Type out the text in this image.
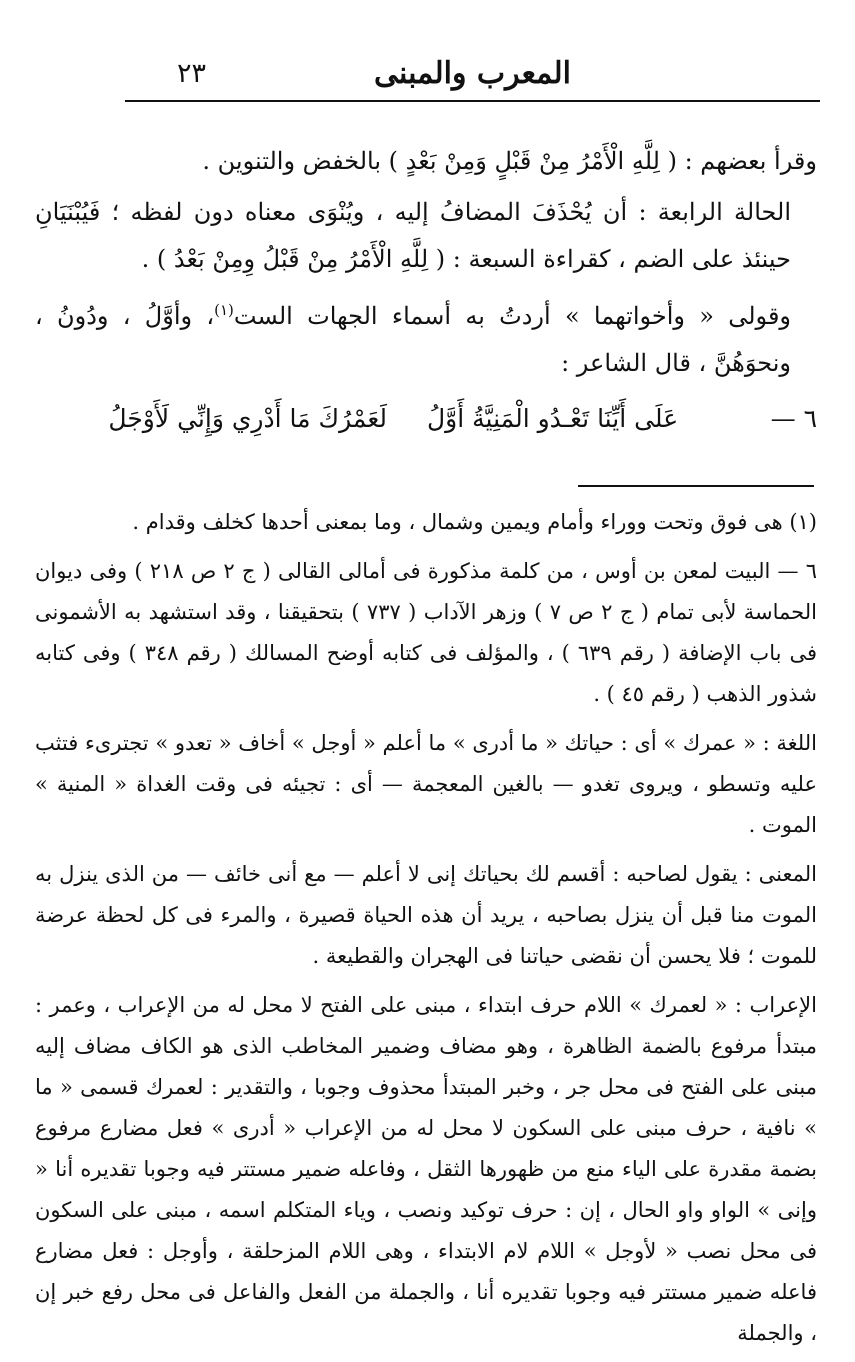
٢٣	المعرب والمبنى

وقرأ بعضهم : ( لِلَّهِ الْأَمْرُ مِنْ قَبْلٍ وَمِنْ بَعْدٍ ) بالخفض والتنوين .

الحالة الرابعة : أن يُحْذَفَ المضافُ إليه ، ويُنْوَى معناه دون لفظه ؛ فَيُبْنَيَانِ حينئذ على الضم ، كقراءة السبعة : ( لِلَّهِ الْأَمْرُ مِنْ قَبْلُ وِمِنْ بَعْدُ ) .

وقولى « وأخواتهما » أردتُ به أسماء الجهات الست$^{(١)}$، وأوَّلُ ، ودُونُ ، ونحوَهُنَّ ، قال الشاعر :

٦ —
لَعَمْرُكَ مَا أَدْرِي وَإِنِّي لَأَوْجَلُ عَلَى أَيِّنَا تَعْـدُو الْمَنِيَّةُ أَوَّلُ

(١) هى فوق وتحت ووراء وأمام ويمين وشمال ، وما بمعنى أحدها كخلف وقدام .

٦ — البيت لمعن بن أوس ، من كلمة مذكورة فى أمالى القالى ( ج ٢ ص ٢١٨ ) وفى ديوان الحماسة لأبى تمام ( ج ٢ ص ٧ ) وزهر الآداب ( ٧٣٧ ) بتحقيقنا ، وقد استشهد به الأشمونى فى باب الإضافة ( رقم ٦٣٩ ) ، والمؤلف فى كتابه أوضح المسالك ( رقم ٣٤٨ ) وفى كتابه شذور الذهب ( رقم ٤٥ ) .

اللغة : « عمرك » أى : حياتك « ما أدرى » ما أعلم « أوجل » أخاف « تعدو » تجترىء فتثب عليه وتسطو ، ويروى تغدو — بالغين المعجمة — أى : تجيئه فى وقت الغداة « المنية » الموت .

المعنى : يقول لصاحبه : أقسم لك بحياتك إنى لا أعلم — مع أنى خائف — من الذى ينزل به الموت منا قبل أن ينزل بصاحبه ، يريد أن هذه الحياة قصيرة ، والمرء فى كل لحظة عرضة للموت ؛ فلا يحسن أن نقضى حياتنا فى الهجران والقطيعة .

الإعراب : « لعمرك » اللام حرف ابتداء ، مبنى على الفتح لا محل له من الإعراب ، وعمر : مبتدأ مرفوع بالضمة الظاهرة ، وهو مضاف وضمير المخاطب الذى هو الكاف مضاف إليه مبنى على الفتح فى محل جر ، وخبر المبتدأ محذوف وجوبا ، والتقدير : لعمرك قسمى « ما » نافية ، حرف مبنى على السكون لا محل له من الإعراب « أدرى » فعل مضارع مرفوع بضمة مقدرة على الياء منع من ظهورها الثقل ، وفاعله ضمير مستتر فيه وجوبا تقديره أنا « وإنى » الواو واو الحال ، إن : حرف توكيد ونصب ، وياء المتكلم اسمه ، مبنى على السكون فى محل نصب « لأوجل » اللام لام الابتداء ، وهى اللام المزحلقة ، وأوجل : فعل مضارع فاعله ضمير مستتر فيه وجوبا تقديره أنا ، والجملة من الفعل والفاعل فى محل رفع خبر إن ، والجملة
